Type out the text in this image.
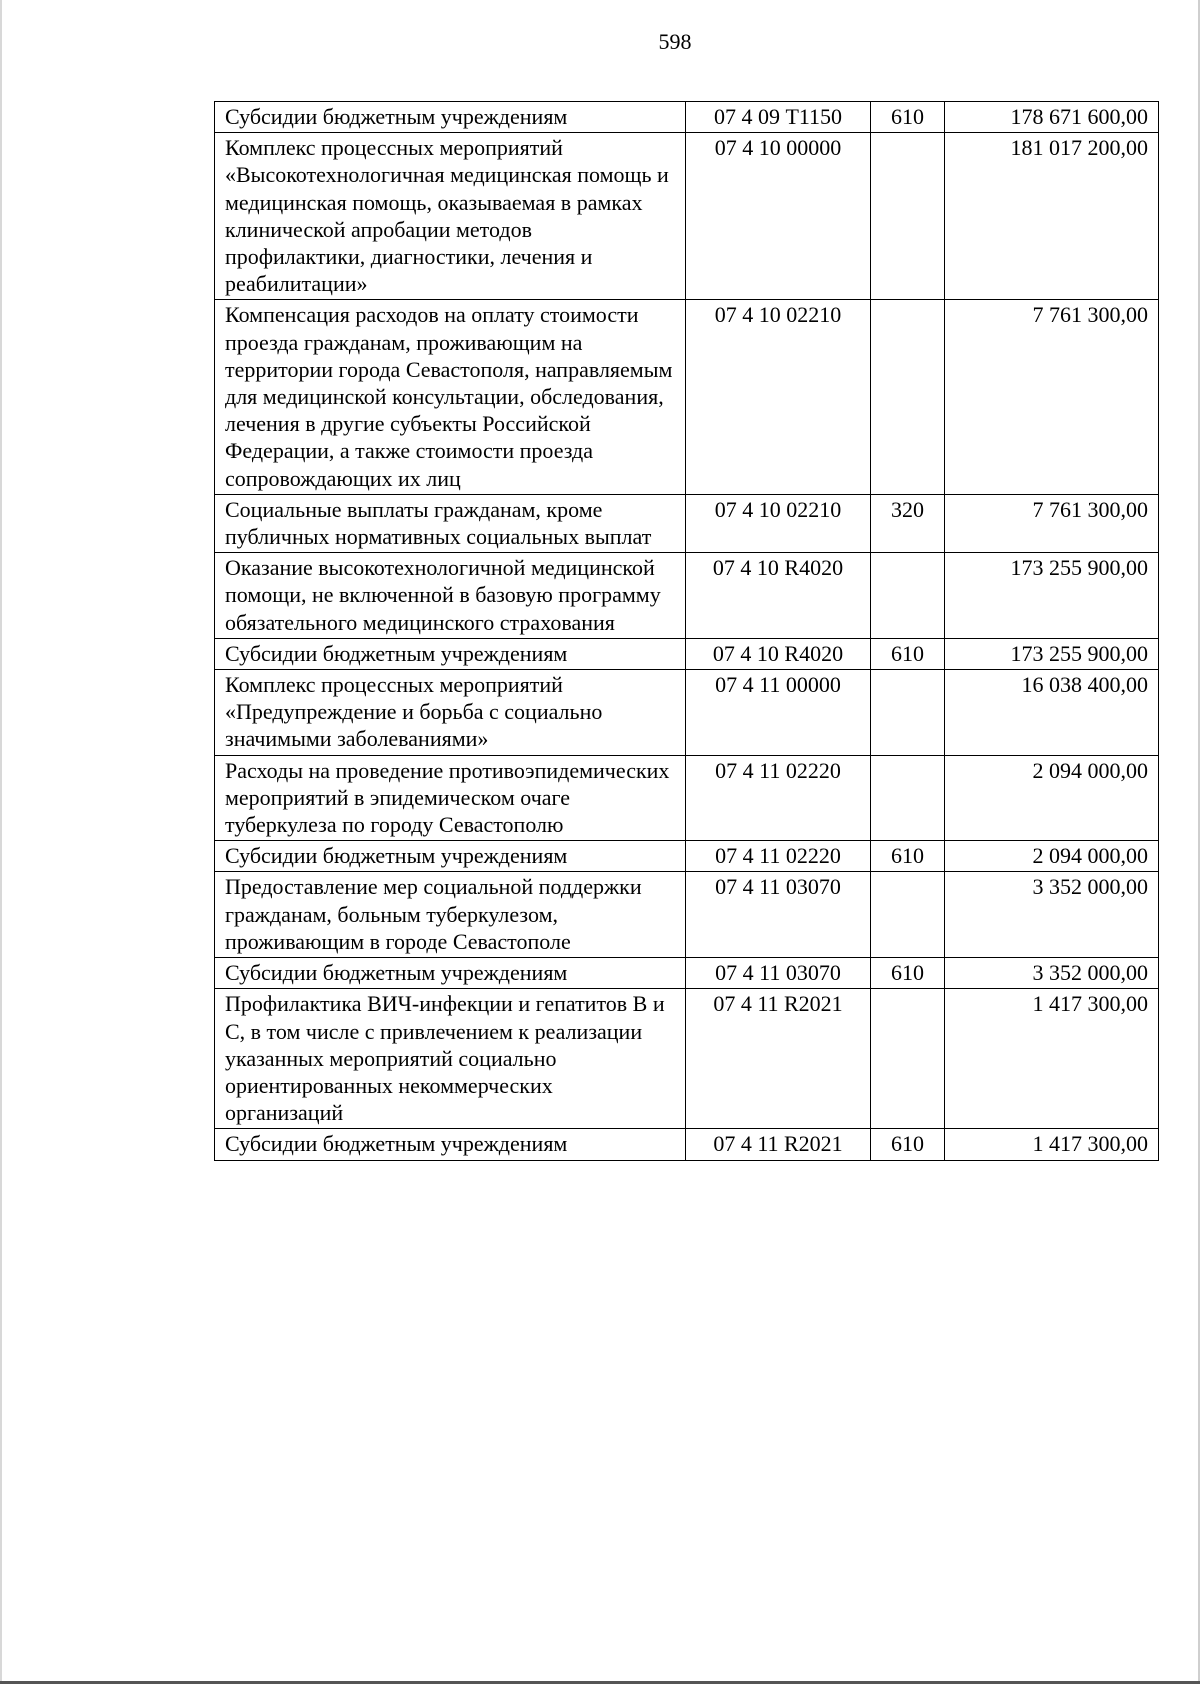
598
Субсидии бюджетным учреждениям	07 4 09 Т1150	610	178 671 600,00
Комплекс процессных мероприятий «Высокотехнологичная медицинская помощь и медицинская помощь, оказываемая в рамках клинической апробации методов профилактики, диагностики, лечения и реабилитации»	07 4 10 00000		181 017 200,00
Компенсация расходов на оплату стоимости проезда гражданам, проживающим на территории города Севастополя, направляемым для медицинской консультации, обследования, лечения в другие субъекты Российской Федерации, а также стоимости проезда сопровождающих их лиц	07 4 10 02210		7 761 300,00
Социальные выплаты гражданам, кроме публичных нормативных социальных выплат	07 4 10 02210	320	7 761 300,00
Оказание высокотехнологичной медицинской помощи, не включенной в базовую программу обязательного медицинского страхования	07 4 10 R4020		173 255 900,00
Субсидии бюджетным учреждениям	07 4 10 R4020	610	173 255 900,00
Комплекс процессных мероприятий «Предупреждение и борьба с социально значимыми заболеваниями»	07 4 11 00000		16 038 400,00
Расходы на проведение противоэпидемических мероприятий в эпидемическом очаге туберкулеза по городу Севастополю	07 4 11 02220		2 094 000,00
Субсидии бюджетным учреждениям	07 4 11 02220	610	2 094 000,00
Предоставление мер социальной поддержки гражданам, больным туберкулезом, проживающим в городе Севастополе	07 4 11 03070		3 352 000,00
Субсидии бюджетным учреждениям	07 4 11 03070	610	3 352 000,00
Профилактика ВИЧ-инфекции и гепатитов В и С, в том числе с привлечением к реализации указанных мероприятий социально ориентированных некоммерческих организаций	07 4 11 R2021		1 417 300,00
Субсидии бюджетным учреждениям	07 4 11 R2021	610	1 417 300,00
